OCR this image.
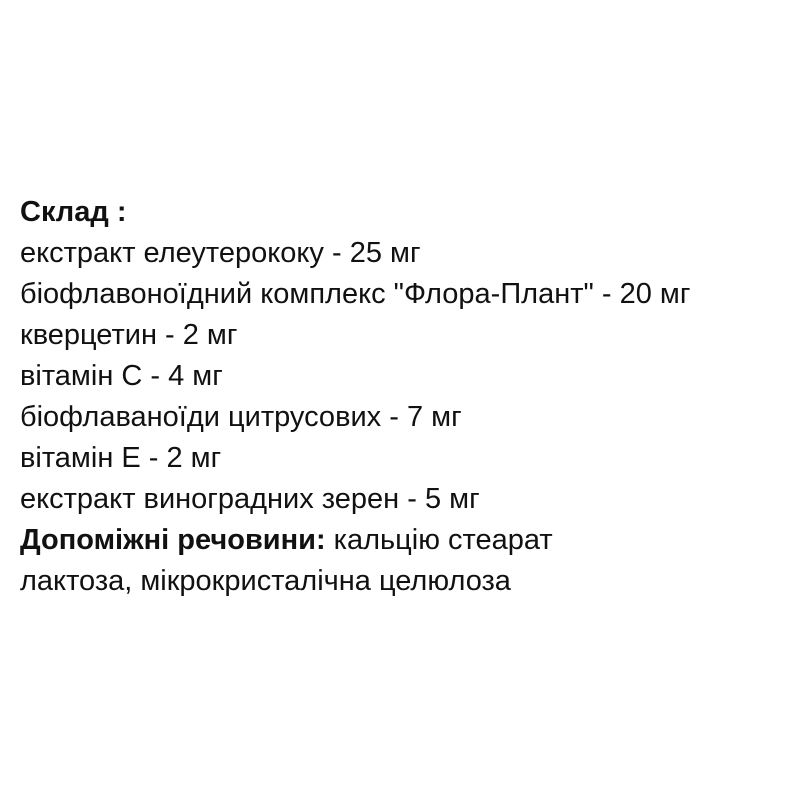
Склад :

екстракт елеутерококу - 25 мг

біофлавоноїдний комплекс "Флора-Плант" - 20 мг

кверцетин - 2 мг

вітамін С - 4 мг

біофлаваноїди цитрусових - 7 мг

вітамін Е - 2 мг

екстракт виноградних зерен - 5 мг

Допоміжні речовини: кальцію стеарат

лактоза, мікрокристалічна целюлоза
